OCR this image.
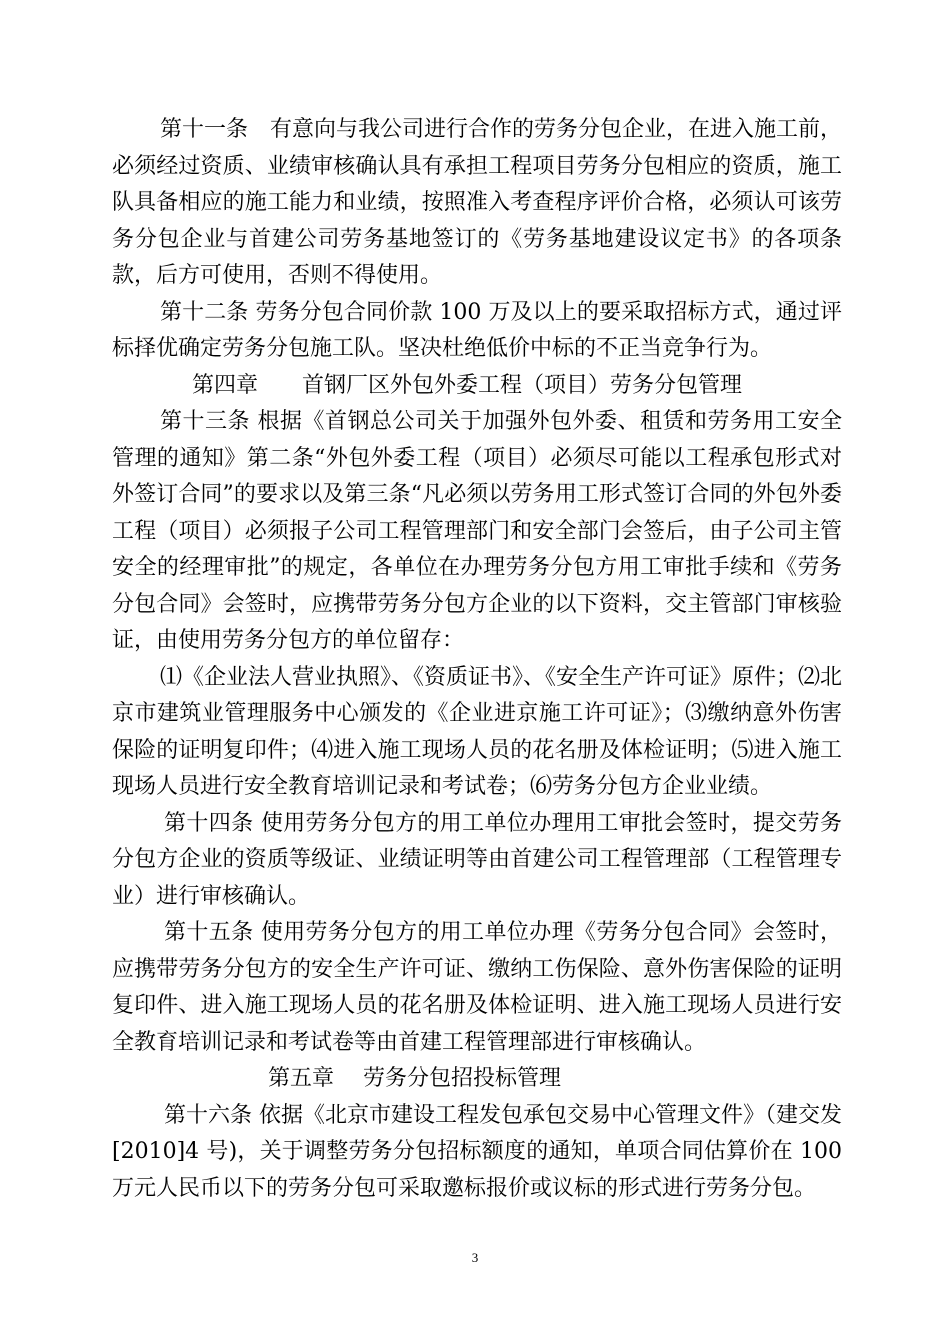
第十一条　有意向与我公司进行合作的劳务分包企业，在进入施工前，必须经过资质、业绩审核确认具有承担工程项目劳务分包相应的资质，施工队具备相应的施工能力和业绩，按照准入考查程序评价合格，必须认可该劳务分包企业与首建公司劳务基地签订的《劳务基地建设议定书》的各项条款，后方可使用，否则不得使用。

第十二条 劳务分包合同价款 100 万及以上的要采取招标方式，通过评标择优确定劳务分包施工队。坚决杜绝低价中标的不正当竞争行为。

第四章　　首钢厂区外包外委工程（项目）劳务分包管理

第十三条 根据《首钢总公司关于加强外包外委、租赁和劳务用工安全管理的通知》第二条“外包外委工程（项目）必须尽可能以工程承包形式对外签订合同”的要求以及第三条“凡必须以劳务用工形式签订合同的外包外委工程（项目）必须报子公司工程管理部门和安全部门会签后，由子公司主管安全的经理审批”的规定，各单位在办理劳务分包方用工审批手续和《劳务分包合同》会签时，应携带劳务分包方企业的以下资料，交主管部门审核验证，由使用劳务分包方的单位留存：

⑴《企业法人营业执照》、《资质证书》、《安全生产许可证》原件；⑵北京市建筑业管理服务中心颁发的《企业进京施工许可证》；⑶缴纳意外伤害保险的证明复印件；⑷进入施工现场人员的花名册及体检证明；⑸进入施工现场人员进行安全教育培训记录和考试卷；⑹劳务分包方企业业绩。

第十四条 使用劳务分包方的用工单位办理用工审批会签时，提交劳务分包方企业的资质等级证、业绩证明等由首建公司工程管理部（工程管理专业）进行审核确认。

第十五条 使用劳务分包方的用工单位办理《劳务分包合同》会签时，应携带劳务分包方的安全生产许可证、缴纳工伤保险、意外伤害保险的证明复印件、进入施工现场人员的花名册及体检证明、进入施工现场人员进行安全教育培训记录和考试卷等由首建工程管理部进行审核确认。

第五章　 劳务分包招投标管理

第十六条 依据《北京市建设工程发包承包交易中心管理文件》（建交发[2010]4 号)，关于调整劳务分包招标额度的通知，单项合同估算价在 100 万元人民币以下的劳务分包可采取邀标报价或议标的形式进行劳务分包。

3
